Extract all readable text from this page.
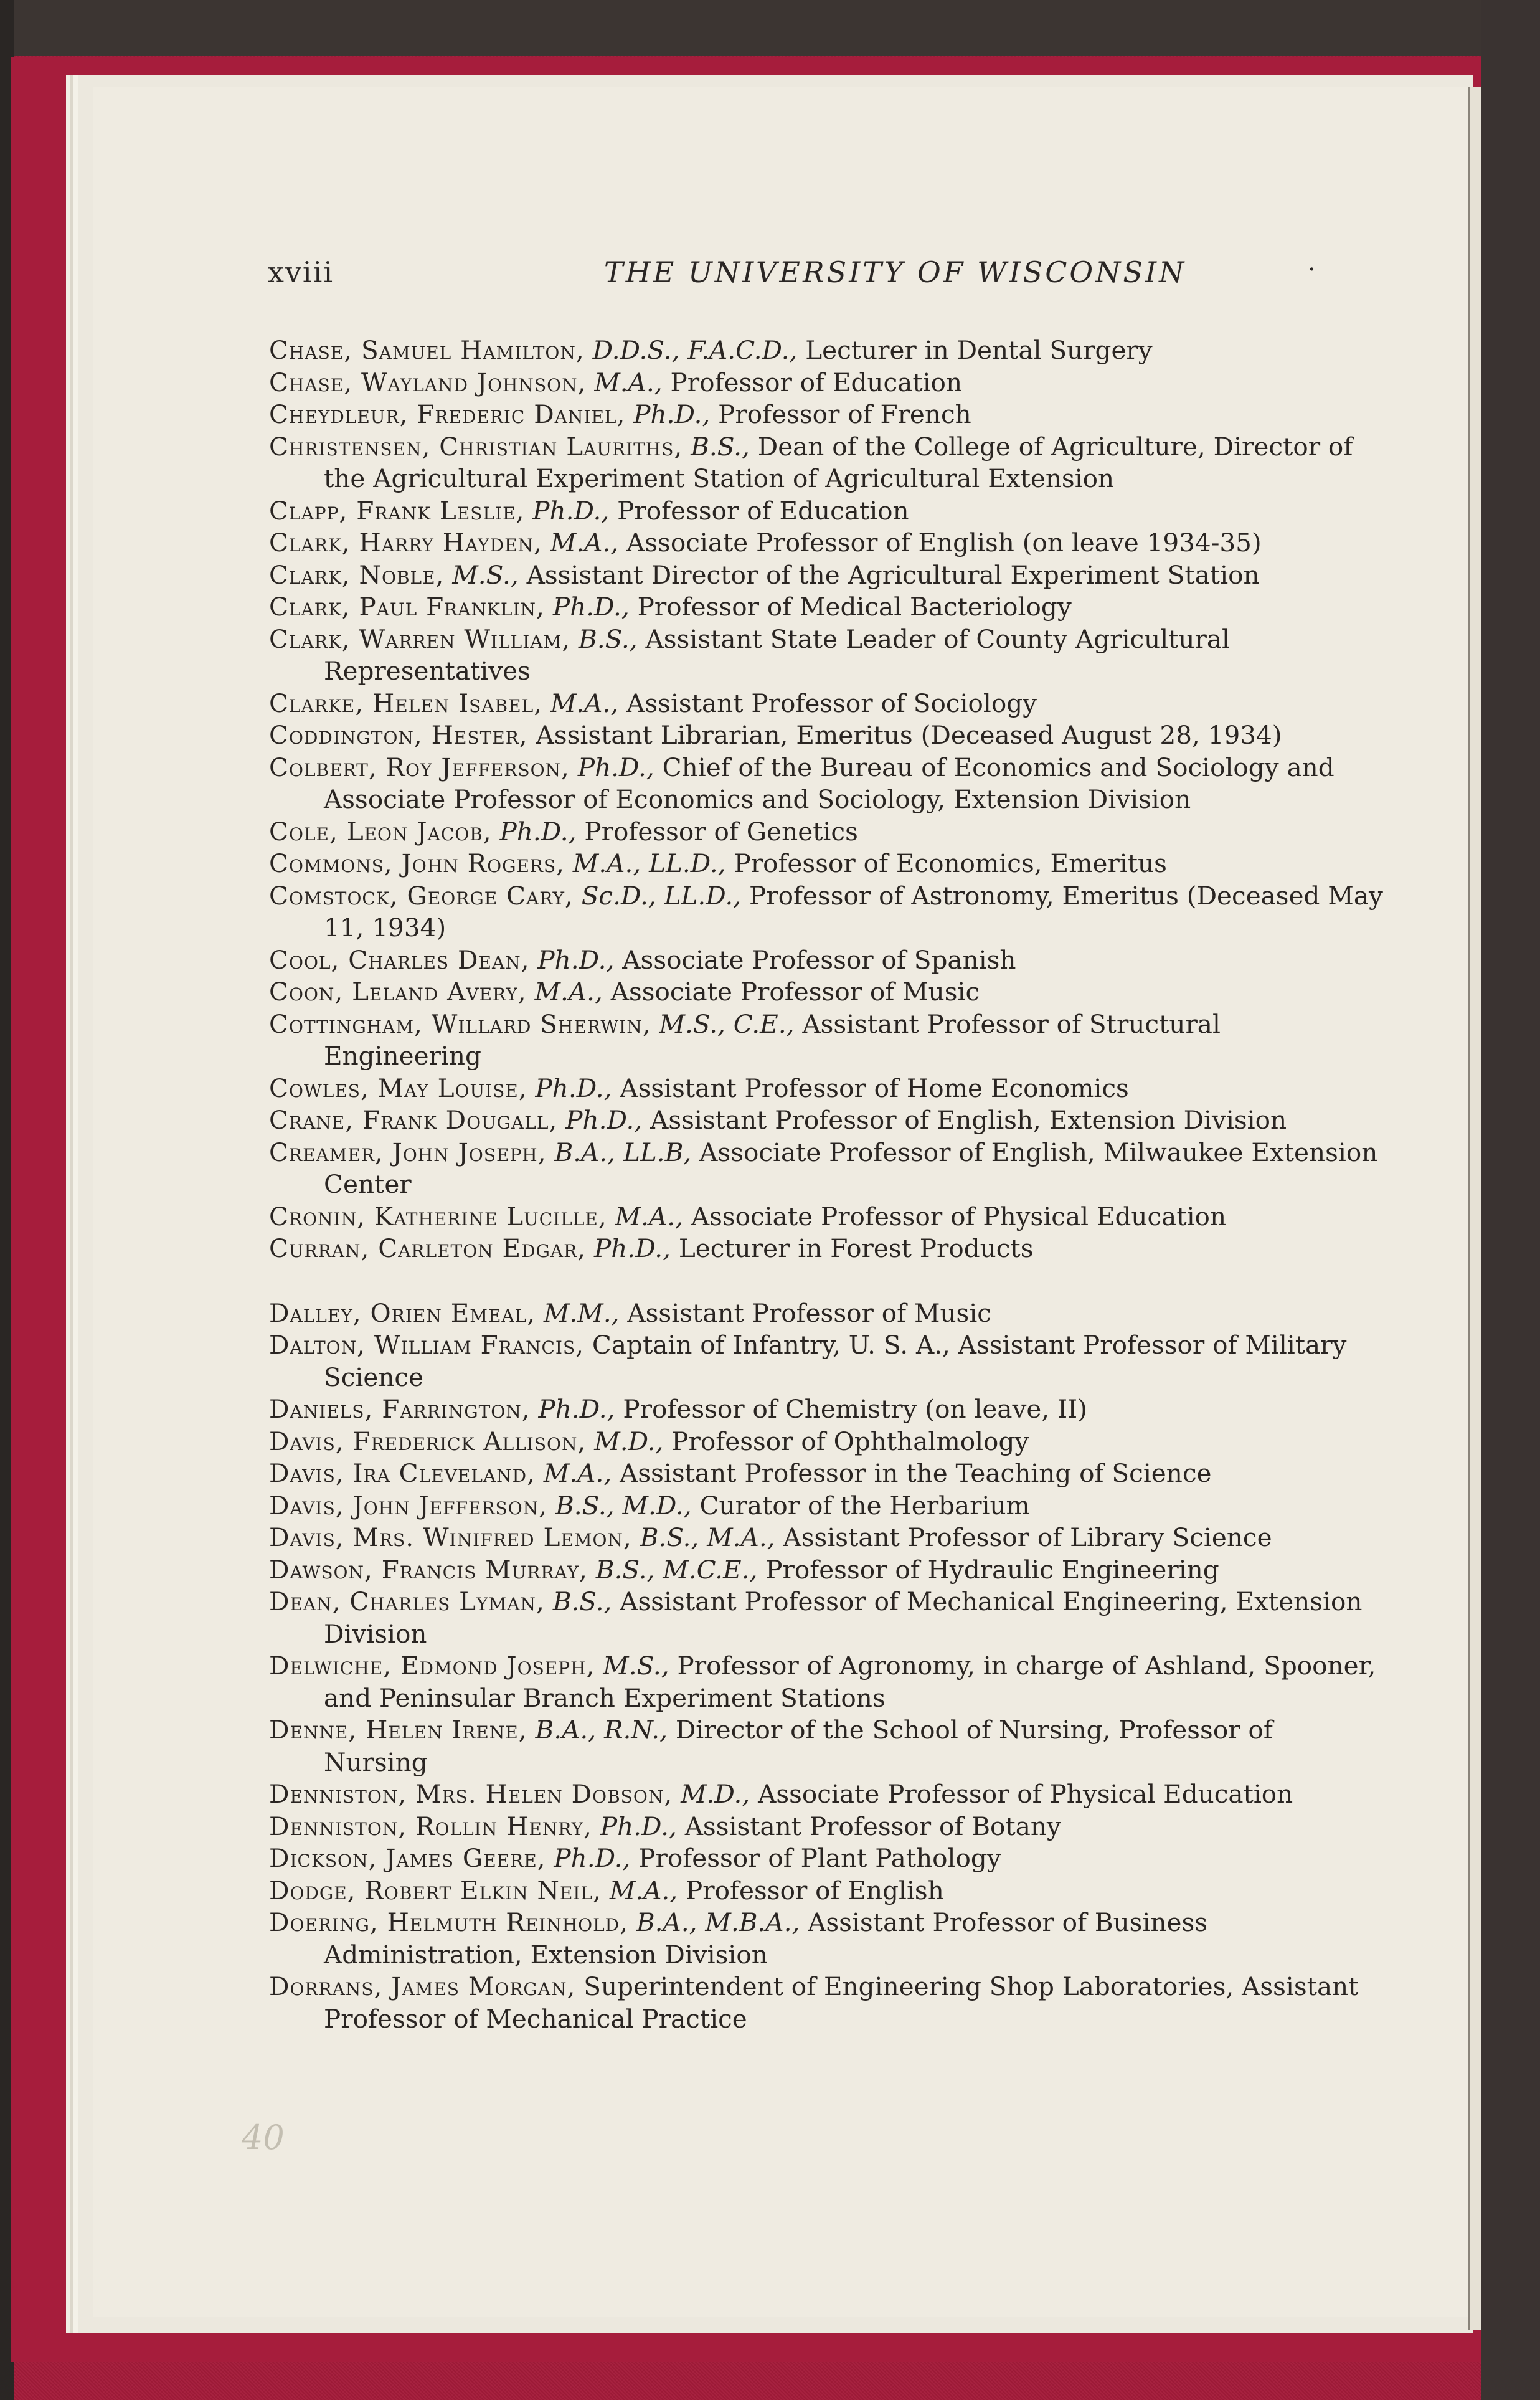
xviii	THE UNIVERSITY OF WISCONSIN	·

Chase, Samuel Hamilton, D.D.S., F.A.C.D., Lecturer in Dental Surgery

Chase, Wayland Johnson, M.A., Professor of Education

Cheydleur, Frederic Daniel, Ph.D., Professor of French

Christensen, Christian Lauriths, B.S., Dean of the College of Agriculture, Director of the Agricultural Experiment Station of Agricultural Extension

Clapp, Frank Leslie, Ph.D., Professor of Education

Clark, Harry Hayden, M.A., Associate Professor of English (on leave 1934-35)

Clark, Noble, M.S., Assistant Director of the Agricultural Experiment Station

Clark, Paul Franklin, Ph.D., Professor of Medical Bacteriology

Clark, Warren William, B.S., Assistant State Leader of County Agricultural Representatives

Clarke, Helen Isabel, M.A., Assistant Professor of Sociology

Coddington, Hester, Assistant Librarian, Emeritus (Deceased August 28, 1934)

Colbert, Roy Jefferson, Ph.D., Chief of the Bureau of Economics and Sociology and Associate Professor of Economics and Sociology, Extension Division

Cole, Leon Jacob, Ph.D., Professor of Genetics

Commons, John Rogers, M.A., LL.D., Professor of Economics, Emeritus

Comstock, George Cary, Sc.D., LL.D., Professor of Astronomy, Emeritus (Deceased May 11, 1934)

Cool, Charles Dean, Ph.D., Associate Professor of Spanish

Coon, Leland Avery, M.A., Associate Professor of Music

Cottingham, Willard Sherwin, M.S., C.E., Assistant Professor of Structural Engineering

Cowles, May Louise, Ph.D., Assistant Professor of Home Economics

Crane, Frank Dougall, Ph.D., Assistant Professor of English, Extension Division

Creamer, John Joseph, B.A., LL.B, Associate Professor of English, Milwaukee Extension Center

Cronin, Katherine Lucille, M.A., Associate Professor of Physical Education

Curran, Carleton Edgar, Ph.D., Lecturer in Forest Products

Dalley, Orien Emeal, M.M., Assistant Professor of Music

Dalton, William Francis, Captain of Infantry, U. S. A., Assistant Professor of Military Science

Daniels, Farrington, Ph.D., Professor of Chemistry (on leave, II)

Davis, Frederick Allison, M.D., Professor of Ophthalmology

Davis, Ira Cleveland, M.A., Assistant Professor in the Teaching of Science

Davis, John Jefferson, B.S., M.D., Curator of the Herbarium

Davis, Mrs. Winifred Lemon, B.S., M.A., Assistant Professor of Library Science

Dawson, Francis Murray, B.S., M.C.E., Professor of Hydraulic Engineering

Dean, Charles Lyman, B.S., Assistant Professor of Mechanical Engineering, Extension Division

Delwiche, Edmond Joseph, M.S., Professor of Agronomy, in charge of Ashland, Spooner, and Peninsular Branch Experiment Stations

Denne, Helen Irene, B.A., R.N., Director of the School of Nursing, Professor of Nursing

Denniston, Mrs. Helen Dobson, M.D., Associate Professor of Physical Education

Denniston, Rollin Henry, Ph.D., Assistant Professor of Botany

Dickson, James Geere, Ph.D., Professor of Plant Pathology

Dodge, Robert Elkin Neil, M.A., Professor of English

Doering, Helmuth Reinhold, B.A., M.B.A., Assistant Professor of Business Administration, Extension Division

Dorrans, James Morgan, Superintendent of Engineering Shop Laboratories, Assistant Professor of Mechanical Practice

40
